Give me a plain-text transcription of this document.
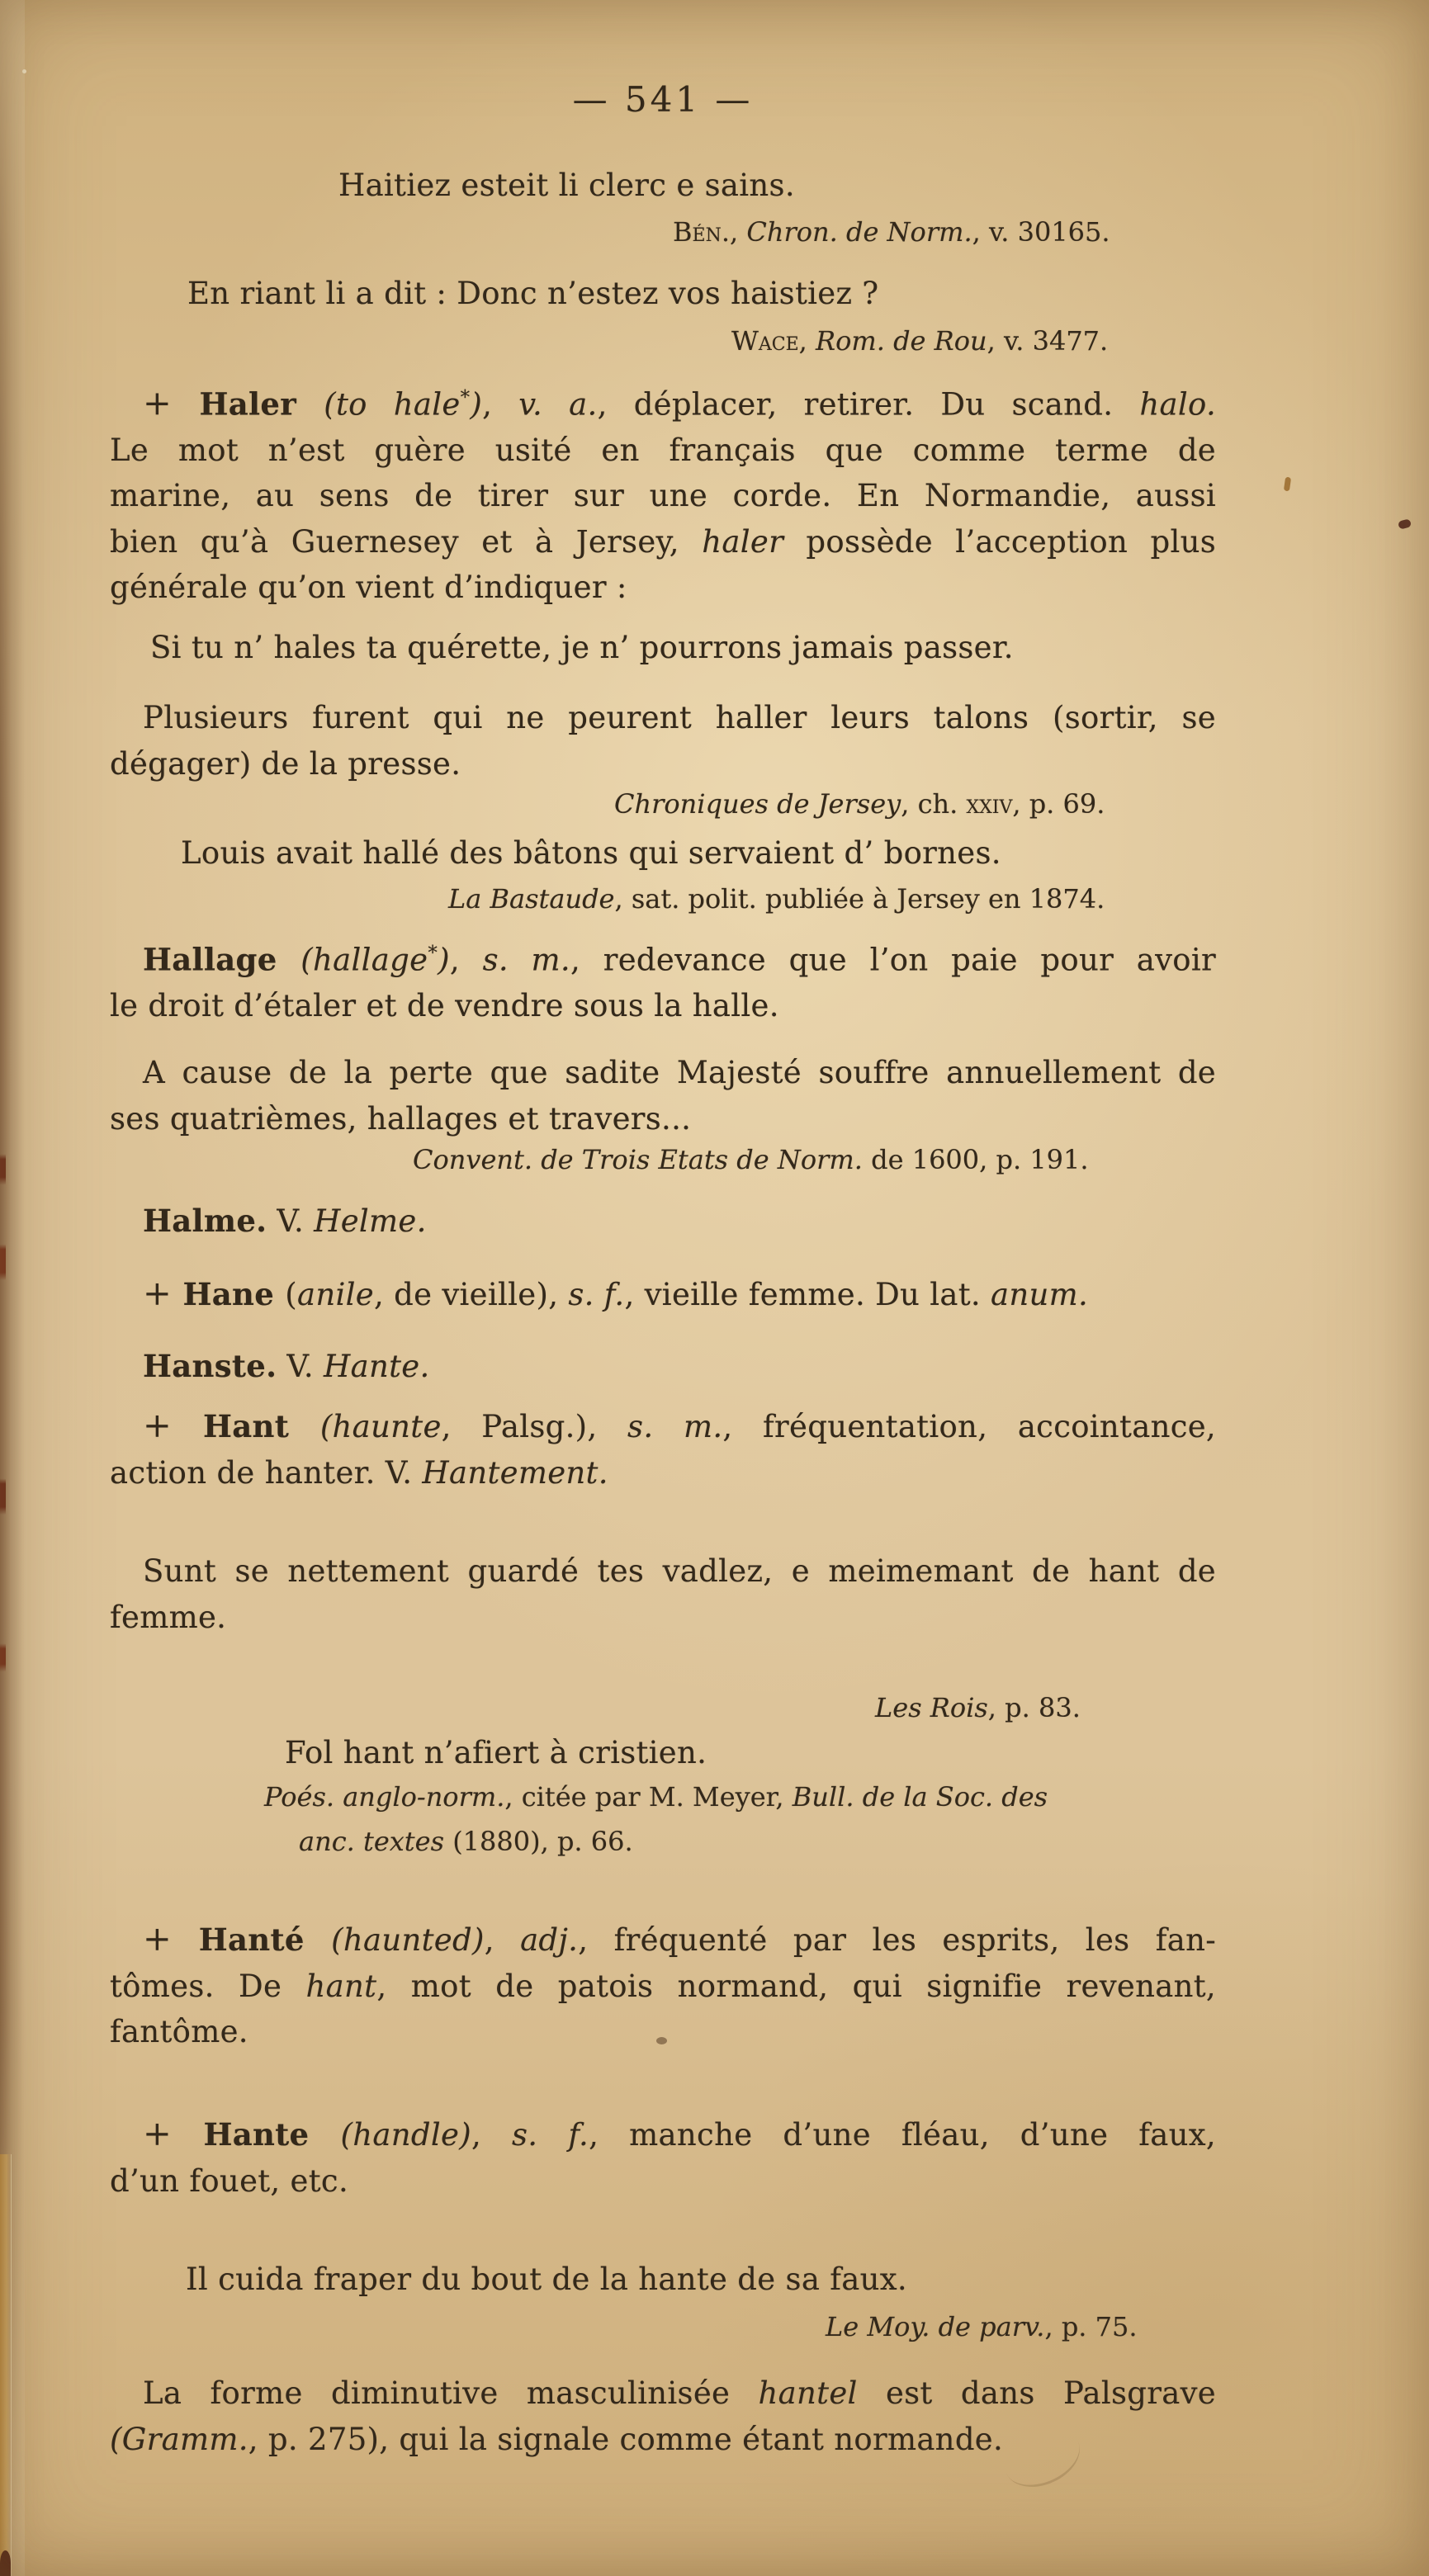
— 541 —
Haitiez esteit li clerc e sains.
Bén., Chron. de Norm., v. 30165.
En riant li a dit : Donc n’estez vos haistiez ?
Wace, Rom. de Rou, v. 3477.
+ Haler (to hale*), v. a., déplacer, retirer. Du scand. halo.
Le mot n’est guère usité en français que comme terme de
marine, au sens de tirer sur une corde. En Normandie, aussi
bien qu’à Guernesey et à Jersey, haler possède l’acception plus
générale qu’on vient d’indiquer :
Si tu n’ hales ta quérette, je n’ pourrons jamais passer.
Plusieurs furent qui ne peurent haller leurs talons (sortir, se
dégager) de la presse.
Chroniques de Jersey, ch. xxiv, p. 69.
Louis avait hallé des bâtons qui servaient d’ bornes.
La Bastaude, sat. polit. publiée à Jersey en 1874.
Hallage (hallage*), s. m., redevance que l’on paie pour avoir
le droit d’étaler et de vendre sous la halle.
A cause de la perte que sadite Majesté souffre annuellement de
ses quatrièmes, hallages et travers...
Convent. de Trois Etats de Norm. de 1600, p. 191.
Halme. V. Helme.
+ Hane (anile, de vieille), s. f., vieille femme. Du lat. anum.
Hanste. V. Hante.
+ Hant (haunte, Palsg.), s. m., fréquentation, accointance,
action de hanter. V. Hantement.
Sunt se nettement guardé tes vadlez, e meimemant de hant de
femme.
Les Rois, p. 83.
Fol hant n’afiert à cristien.
Poés. anglo-norm., citée par M. Meyer, Bull. de la Soc. des
anc. textes (1880), p. 66.
+ Hanté (haunted), adj., fréquenté par les esprits, les fan-
tômes. De hant, mot de patois normand, qui signifie revenant,
fantôme.
+ Hante (handle), s. f., manche d’une fléau, d’une faux,
d’un fouet, etc.
Il cuida fraper du bout de la hante de sa faux.
Le Moy. de parv., p. 75.
La forme diminutive masculinisée hantel est dans Palsgrave
(Gramm., p. 275), qui la signale comme étant normande.
